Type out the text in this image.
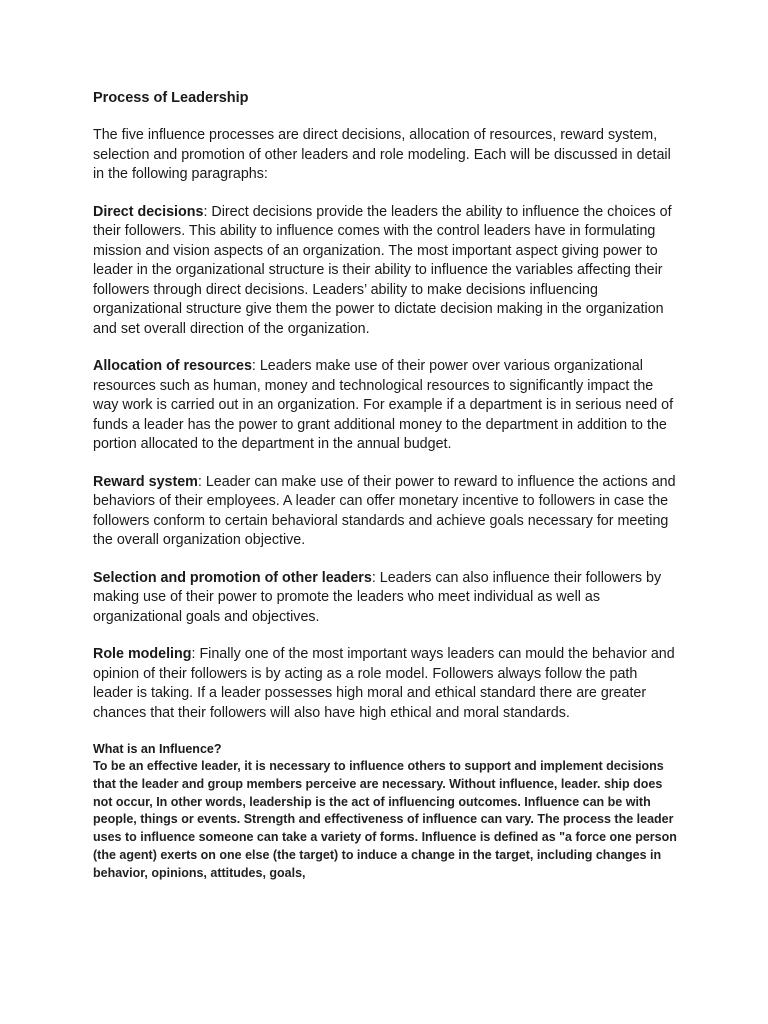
Process of Leadership

The five influence processes are direct decisions, allocation of resources, reward system, selection and promotion of other leaders and role modeling. Each will be discussed in detail in the following paragraphs:

Direct decisions: Direct decisions provide the leaders the ability to influence the choices of their followers. This ability to influence comes with the control leaders have in formulating mission and vision aspects of an organization. The most important aspect giving power to leader in the organizational structure is their ability to influence the variables affecting their followers through direct decisions. Leaders’ ability to make decisions influencing organizational structure give them the power to dictate decision making in the organization and set overall direction of the organization.

Allocation of resources: Leaders make use of their power over various organizational resources such as human, money and technological resources to significantly impact the way work is carried out in an organization. For example if a department is in serious need of funds a leader has the power to grant additional money to the department in addition to the portion allocated to the department in the annual budget.

Reward system: Leader can make use of their power to reward to influence the actions and behaviors of their employees. A leader can offer monetary incentive to followers in case the followers conform to certain behavioral standards and achieve goals necessary for meeting the overall organization objective.

Selection and promotion of other leaders: Leaders can also influence their followers by making use of their power to promote the leaders who meet individual as well as organizational goals and objectives.

Role modeling: Finally one of the most important ways leaders can mould the behavior and opinion of their followers is by acting as a role model. Followers always follow the path leader is taking. If a leader possesses high moral and ethical standard there are greater chances that their followers will also have high ethical and moral standards.

What is an Influence?

To be an effective leader, it is necessary to influence others to support and implement decisions that the leader and group members perceive are necessary. Without influence, leader. ship does not occur, In other words, leadership is the act of influencing outcomes. Influence can be with people, things or events. Strength and effectiveness of influence can vary. The process the leader uses to influence someone can take a variety of forms. Influence is defined as "a force one person (the agent) exerts on one else (the target) to induce a change in the target, including changes in behavior, opinions, attitudes, goals,
